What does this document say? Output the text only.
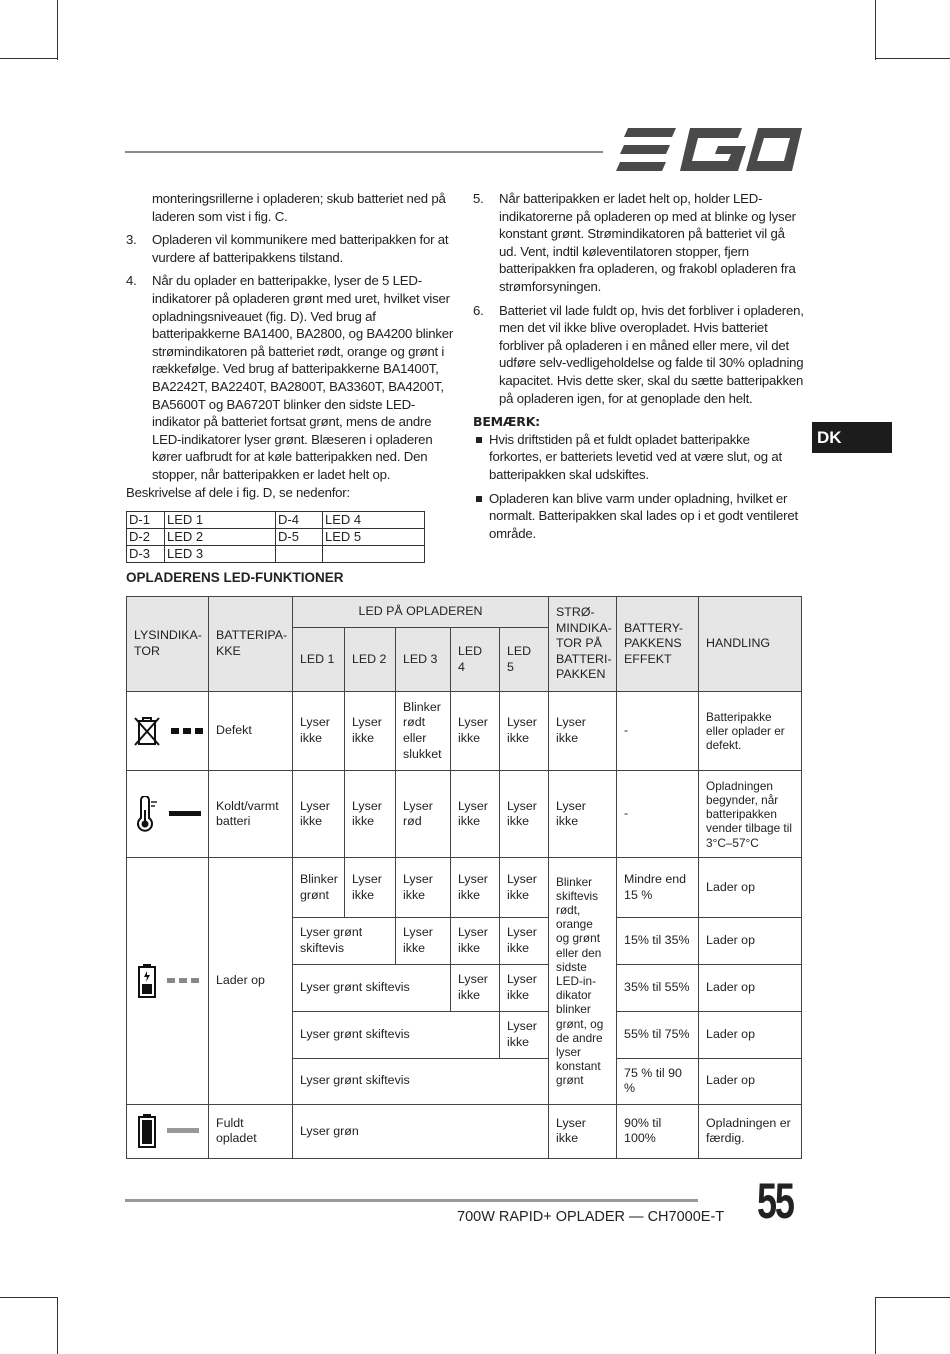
monteringsrillerne i opladeren; skub batteriet ned på laderen som vist i fig. C.

3. Opladeren vil kommunikere med batteripakken for at vurdere af batteripakkens tilstand.

4. Når du oplader en batteripakke, lyser de 5 LED-indikatorer på opladeren grønt med uret, hvilket viser opladningsniveauet (fig. D). Ved brug af batteripakkerne BA1400, BA2800, og BA4200 blinker strømindikatoren på batteriet rødt, orange og grønt i rækkefølge. Ved brug af batteripakkerne BA1400T, BA2242T, BA2240T, BA2800T, BA3360T, BA4200T, BA5600T og BA6720T blinker den sidste LED-indikator på batteriet fortsat grønt, mens de andre LED-indikatorer lyser grønt. Blæseren i opladeren kører uafbrudt for at køle batteripakken ned. Den stopper, når batteripakken er ladet helt op.

Beskrivelse af dele i fig. D, se nedenfor:

5. Når batteripakken er ladet helt op, holder LED-indikatorerne på opladeren op med at blinke og lyser konstant grønt. Strømindikatoren på batteriet vil gå ud. Vent, indtil køleventilatoren stopper, fjern batteripakken fra opladeren, og frakobl opladeren fra strømforsyningen.

6. Batteriet vil lade fuldt op, hvis det forbliver i opladeren, men det vil ikke blive overopladet. Hvis batteriet forbliver på opladeren i en måned eller mere, vil det udføre selv-vedligeholdelse og falde til 30% opladning kapacitet. Hvis dette sker, skal du sætte batteripakken på opladeren igen, for at genoplade den helt.

BEMÆRK:

Hvis driftstiden på et fuldt opladet batteripakke forkortes, er batteriets levetid ved at være slut, og at batteripakken skal udskiftes.

Opladeren kan blive varm under opladning, hvilket er normalt. Batteripakken skal lades op i et godt ventileret område.

DK
D-1	LED 1	D-4	LED 4
D-2	LED 2	D-5	LED 5
D-3	LED 3		
OPLADERENS LED-FUNKTIONER
LYSINDIKA-TOR	BATTERIPA-KKE	LED PÅ OPLADEREN					STRØ-MINDIKA-TOR PÅ BATTERI-PAKKEN	BATTERY-PAKKENS EFFEKT	HANDLING
		LED 1	LED 2	LED 3	LED 4	LED 5			

	Defekt	Lyser ikke	Lyser ikke	Blinker rødt eller slukket	Lyser ikke	Lyser ikke	Lyser ikke	-	Batteripakke eller oplader er defekt.

	Koldt/varmt batteri	Lyser ikke	Lyser ikke	Lyser rød	Lyser ikke	Lyser ikke	Lyser ikke	-	Opladningen begynder, når batteripakken vender tilbage til 3°C–57°C

	Lader op	Blinker grønt	Lyser ikke	Lyser ikke	Lyser ikke	Lyser ikke	Blinker skiftevis rødt, orange og grønt eller den sidste LED-in-dikator blinker grønt, og de andre lyser konstant grønt	Mindre end 15 %	Lader op
		Lyser grønt skiftevis		Lyser ikke	Lyser ikke	Lyser ikke		15% til 35%	Lader op
		Lyser grønt skiftevis			Lyser ikke	Lyser ikke		35% til 55%	Lader op
		Lyser grønt skiftevis				Lyser ikke		55% til 75%	Lader op
		Lyser grønt skiftevis						75 % til 90 %	Lader op

	Fuldt opladet	Lyser grøn					Lyser ikke	90% til 100%	Opladningen er færdig.
700W RAPID+ OPLADER — CH7000E-T 55
